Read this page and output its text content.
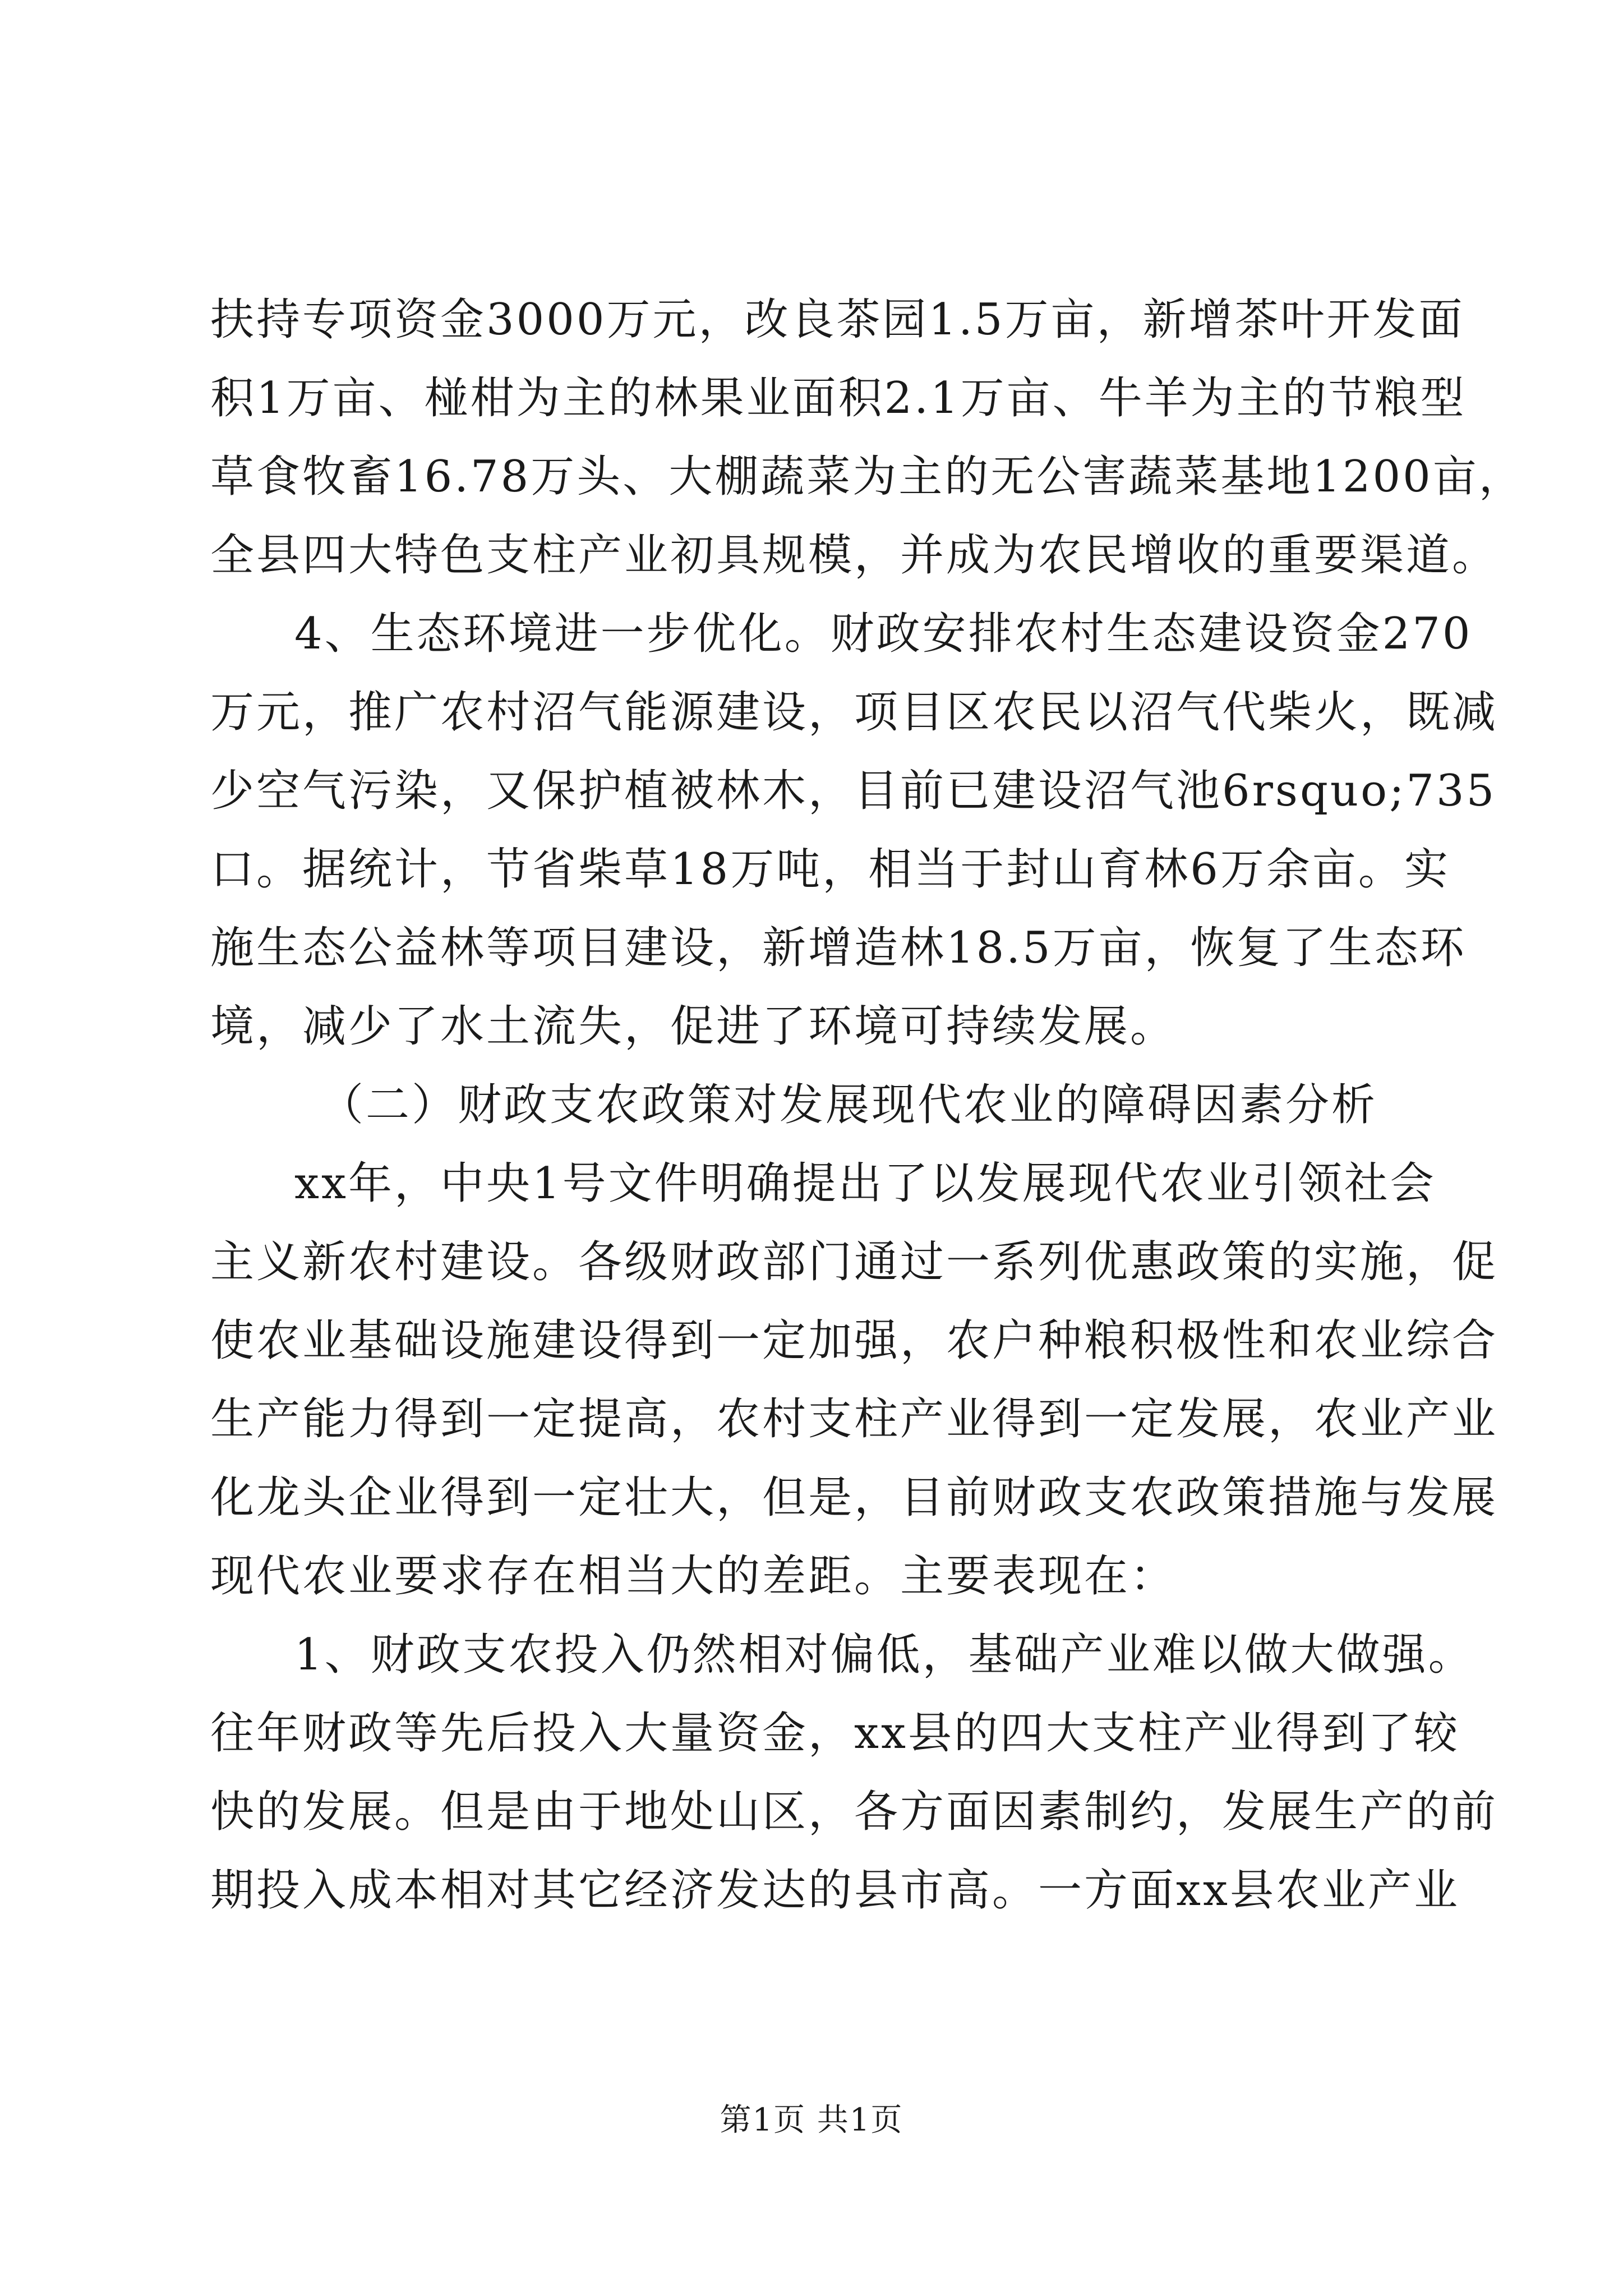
扶持专项资金3000万元，改良茶园1.5万亩，新增茶叶开发面
积1万亩、椪柑为主的林果业面积2.1万亩、牛羊为主的节粮型
草食牧畜16.78万头、大棚蔬菜为主的无公害蔬菜基地1200亩，
全县四大特色支柱产业初具规模，并成为农民增收的重要渠道。
4、生态环境进一步优化。财政安排农村生态建设资金270
万元，推广农村沼气能源建设，项目区农民以沼气代柴火，既减
少空气污染，又保护植被林木，目前已建设沼气池6rsquo;735
口。据统计，节省柴草18万吨，相当于封山育林6万余亩。实
施生态公益林等项目建设，新增造林18.5万亩，恢复了生态环
境，减少了水土流失，促进了环境可持续发展。
（二）财政支农政策对发展现代农业的障碍因素分析
xx年，中央1号文件明确提出了以发展现代农业引领社会
主义新农村建设。各级财政部门通过一系列优惠政策的实施，促
使农业基础设施建设得到一定加强，农户种粮积极性和农业综合
生产能力得到一定提高，农村支柱产业得到一定发展，农业产业
化龙头企业得到一定壮大，但是，目前财政支农政策措施与发展
现代农业要求存在相当大的差距。主要表现在：
1、财政支农投入仍然相对偏低，基础产业难以做大做强。
往年财政等先后投入大量资金，xx县的四大支柱产业得到了较
快的发展。但是由于地处山区，各方面因素制约，发展生产的前
期投入成本相对其它经济发达的县市高。一方面xx县农业产业
第1页 共1页
